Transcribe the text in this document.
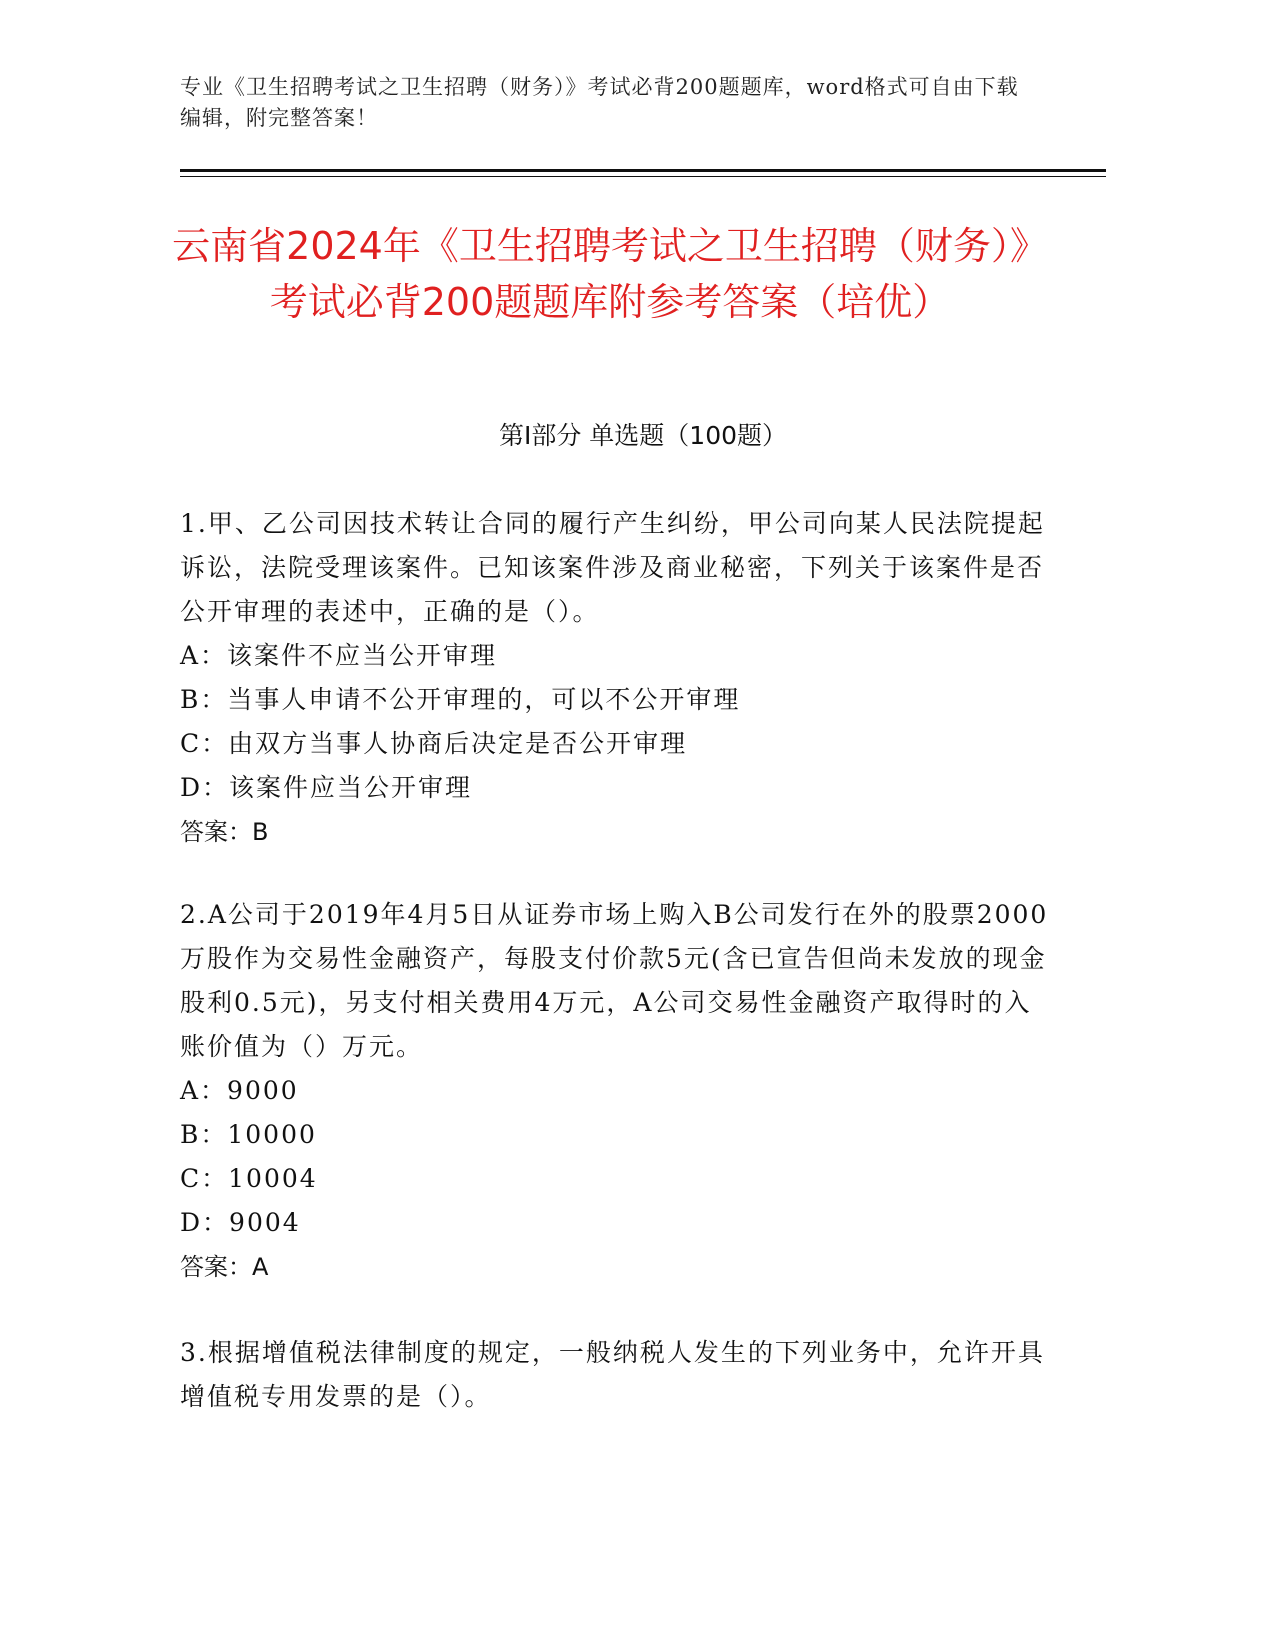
专业《卫生招聘考试之卫生招聘（财务）》考试必背200题题库，word格式可自由下载编辑，附完整答案！
云南省2024年《卫生招聘考试之卫生招聘（财务）》考试必背200题题库附参考答案（培优）
第I部分 单选题（100题）

1.甲、乙公司因技术转让合同的履行产生纠纷，甲公司向某人民法院提起诉讼，法院受理该案件。已知该案件涉及商业秘密，下列关于该案件是否公开审理的表述中，正确的是（）。

A：该案件不应当公开审理
B：当事人申请不公开审理的，可以不公开审理
C：由双方当事人协商后决定是否公开审理
D：该案件应当公开审理
答案：B

2.A公司于2019年4月5日从证券市场上购入B公司发行在外的股票2000万股作为交易性金融资产，每股支付价款5元(含已宣告但尚未发放的现金股利0.5元)，另支付相关费用4万元，A公司交易性金融资产取得时的入账价值为（）万元。

A：9000
B：10000
C：10004
D：9004
答案：A

3.根据增值税法律制度的规定，一般纳税人发生的下列业务中，允许开具增值税专用发票的是（）。
